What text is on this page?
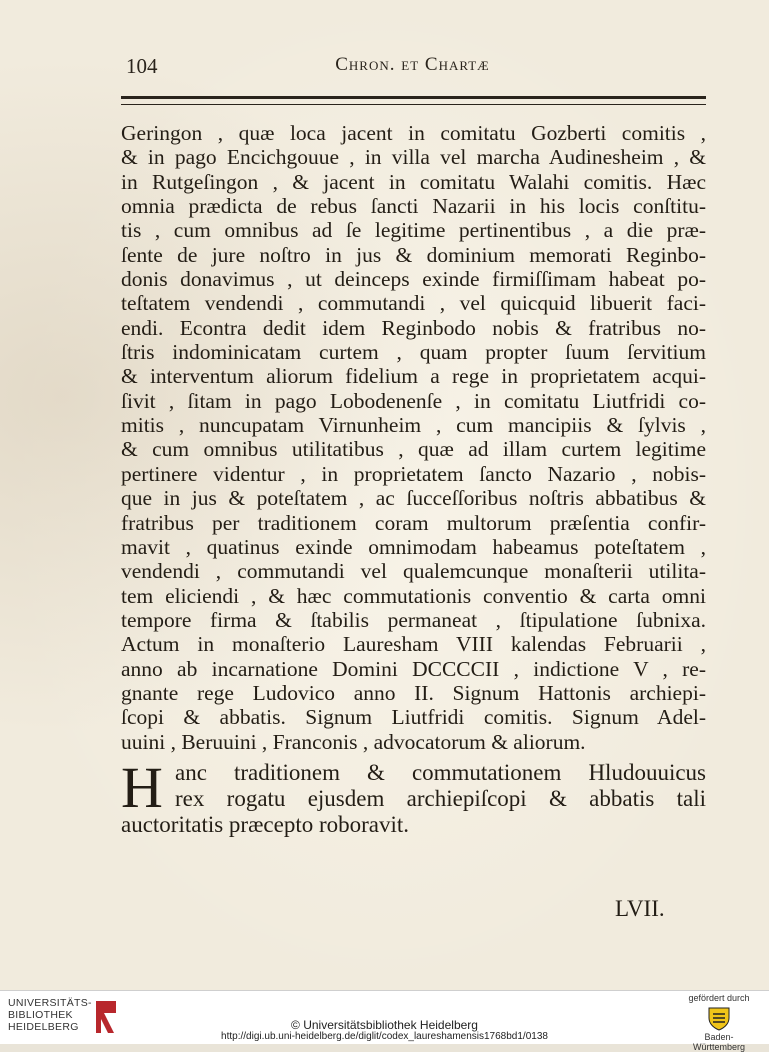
104	Chron. et Chartæ
Geringon , quæ loca jacent in comitatu Gozberti comitis ,
& in pago Encichgouue , in villa vel marcha Audinesheim , &
in Rutgeſingon , & jacent in comitatu Walahi comitis. Hæc
omnia prædicta de rebus ſancti Nazarii in his locis conſtitu-
tis , cum omnibus ad ſe legitime pertinentibus , a die præ-
ſente de jure noſtro in jus & dominium memorati Reginbo-
donis donavimus , ut deinceps exinde firmiſſimam habeat po-
teſtatem vendendi , commutandi , vel quicquid libuerit faci-
endi. Econtra dedit idem Reginbodo nobis & fratribus no-
ſtris indominicatam curtem , quam propter ſuum ſervitium
& interventum aliorum fidelium a rege in proprietatem acqui-
ſivit , ſitam in pago Lobodenenſe , in comitatu Liutfridi co-
mitis , nuncupatam Virnunheim , cum mancipiis & ſylvis ,
& cum omnibus utilitatibus , quæ ad illam curtem legitime
pertinere videntur , in proprietatem ſancto Nazario , nobis-
que in jus & poteſtatem , ac ſucceſſoribus noſtris abbatibus &
fratribus per traditionem coram multorum præſentia confir-
mavit , quatinus exinde omnimodam habeamus poteſtatem ,
vendendi , commutandi vel qualemcunque monaſterii utilita-
tem eliciendi , & hæc commutationis conventio & carta omni
tempore firma & ſtabilis permaneat , ſtipulatione ſubnixa.
Actum in monaſterio Lauresham VIII kalendas Februarii ,
anno ab incarnatione Domini DCCCCII , indictione V , re-
gnante rege Ludovico anno II. Signum Hattonis archiepi-
ſcopi & abbatis. Signum Liutfridi comitis. Signum Adel-
uuini , Beruuini , Franconis , advocatorum & aliorum.
H anc traditionem & commutationem Hludouuicus
rex rogatu ejusdem archiepiſcopi & abbatis tali
auctoritatis præcepto roboravit.
LVII.
UNIVERSITÄTS-
BIBLIOTHEK
HEIDELBERG	© Universitätsbibliothek Heidelberg
http://digi.ub.uni-heidelberg.de/diglit/codex_laureshamensis1768bd1/0138
gefördert durch
Baden-Württemberg
